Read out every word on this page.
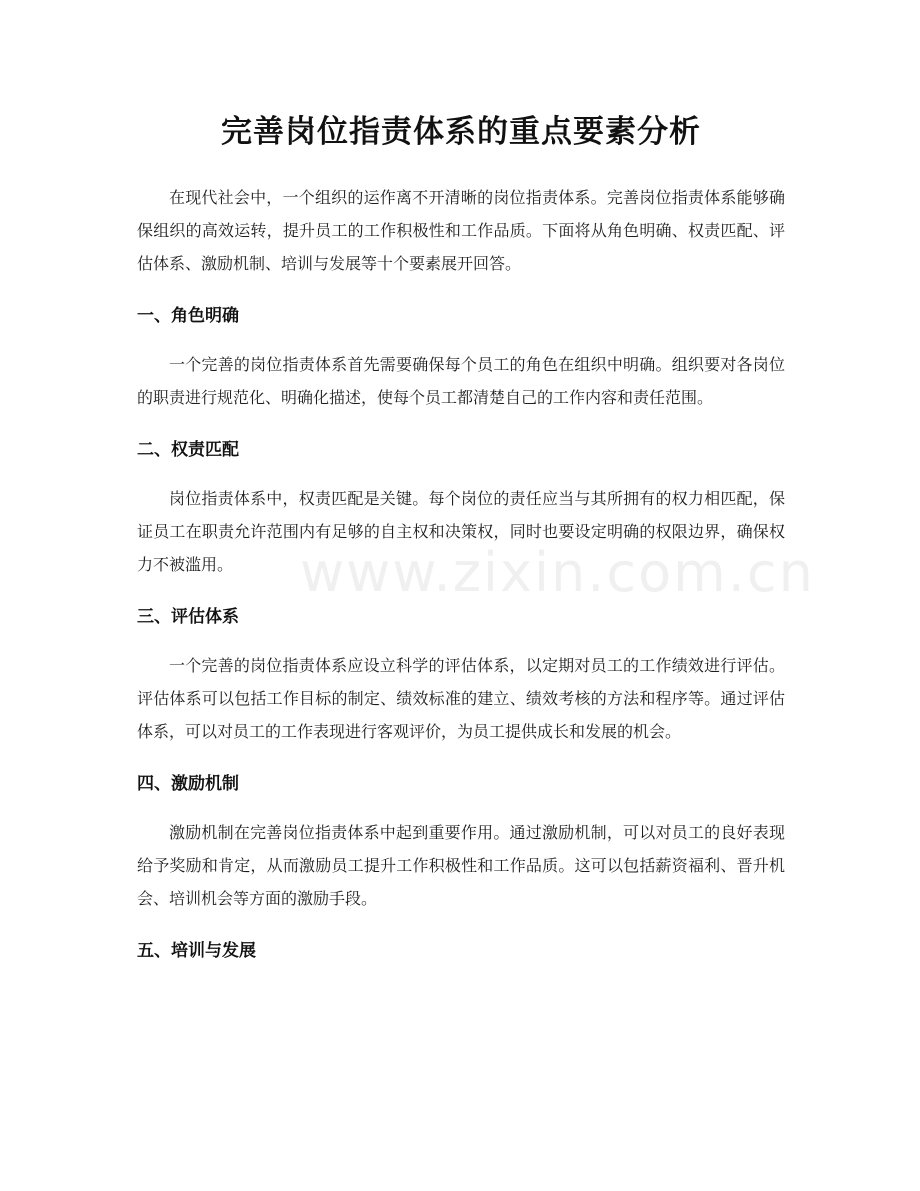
完善岗位指责体系的重点要素分析

在现代社会中，一个组织的运作离不开清晰的岗位指责体系。完善岗位指责体系能够确保组织的高效运转，提升员工的工作积极性和工作品质。下面将从角色明确、权责匹配、评估体系、激励机制、培训与发展等十个要素展开回答。

一、角色明确

一个完善的岗位指责体系首先需要确保每个员工的角色在组织中明确。组织要对各岗位的职责进行规范化、明确化描述，使每个员工都清楚自己的工作内容和责任范围。

二、权责匹配

岗位指责体系中，权责匹配是关键。每个岗位的责任应当与其所拥有的权力相匹配，保证员工在职责允许范围内有足够的自主权和决策权，同时也要设定明确的权限边界，确保权力不被滥用。

三、评估体系

一个完善的岗位指责体系应设立科学的评估体系，以定期对员工的工作绩效进行评估。评估体系可以包括工作目标的制定、绩效标准的建立、绩效考核的方法和程序等。通过评估体系，可以对员工的工作表现进行客观评价，为员工提供成长和发展的机会。

四、激励机制

激励机制在完善岗位指责体系中起到重要作用。通过激励机制，可以对员工的良好表现给予奖励和肯定，从而激励员工提升工作积极性和工作品质。这可以包括薪资福利、晋升机会、培训机会等方面的激励手段。

五、培训与发展
www.zixin.com.cn
